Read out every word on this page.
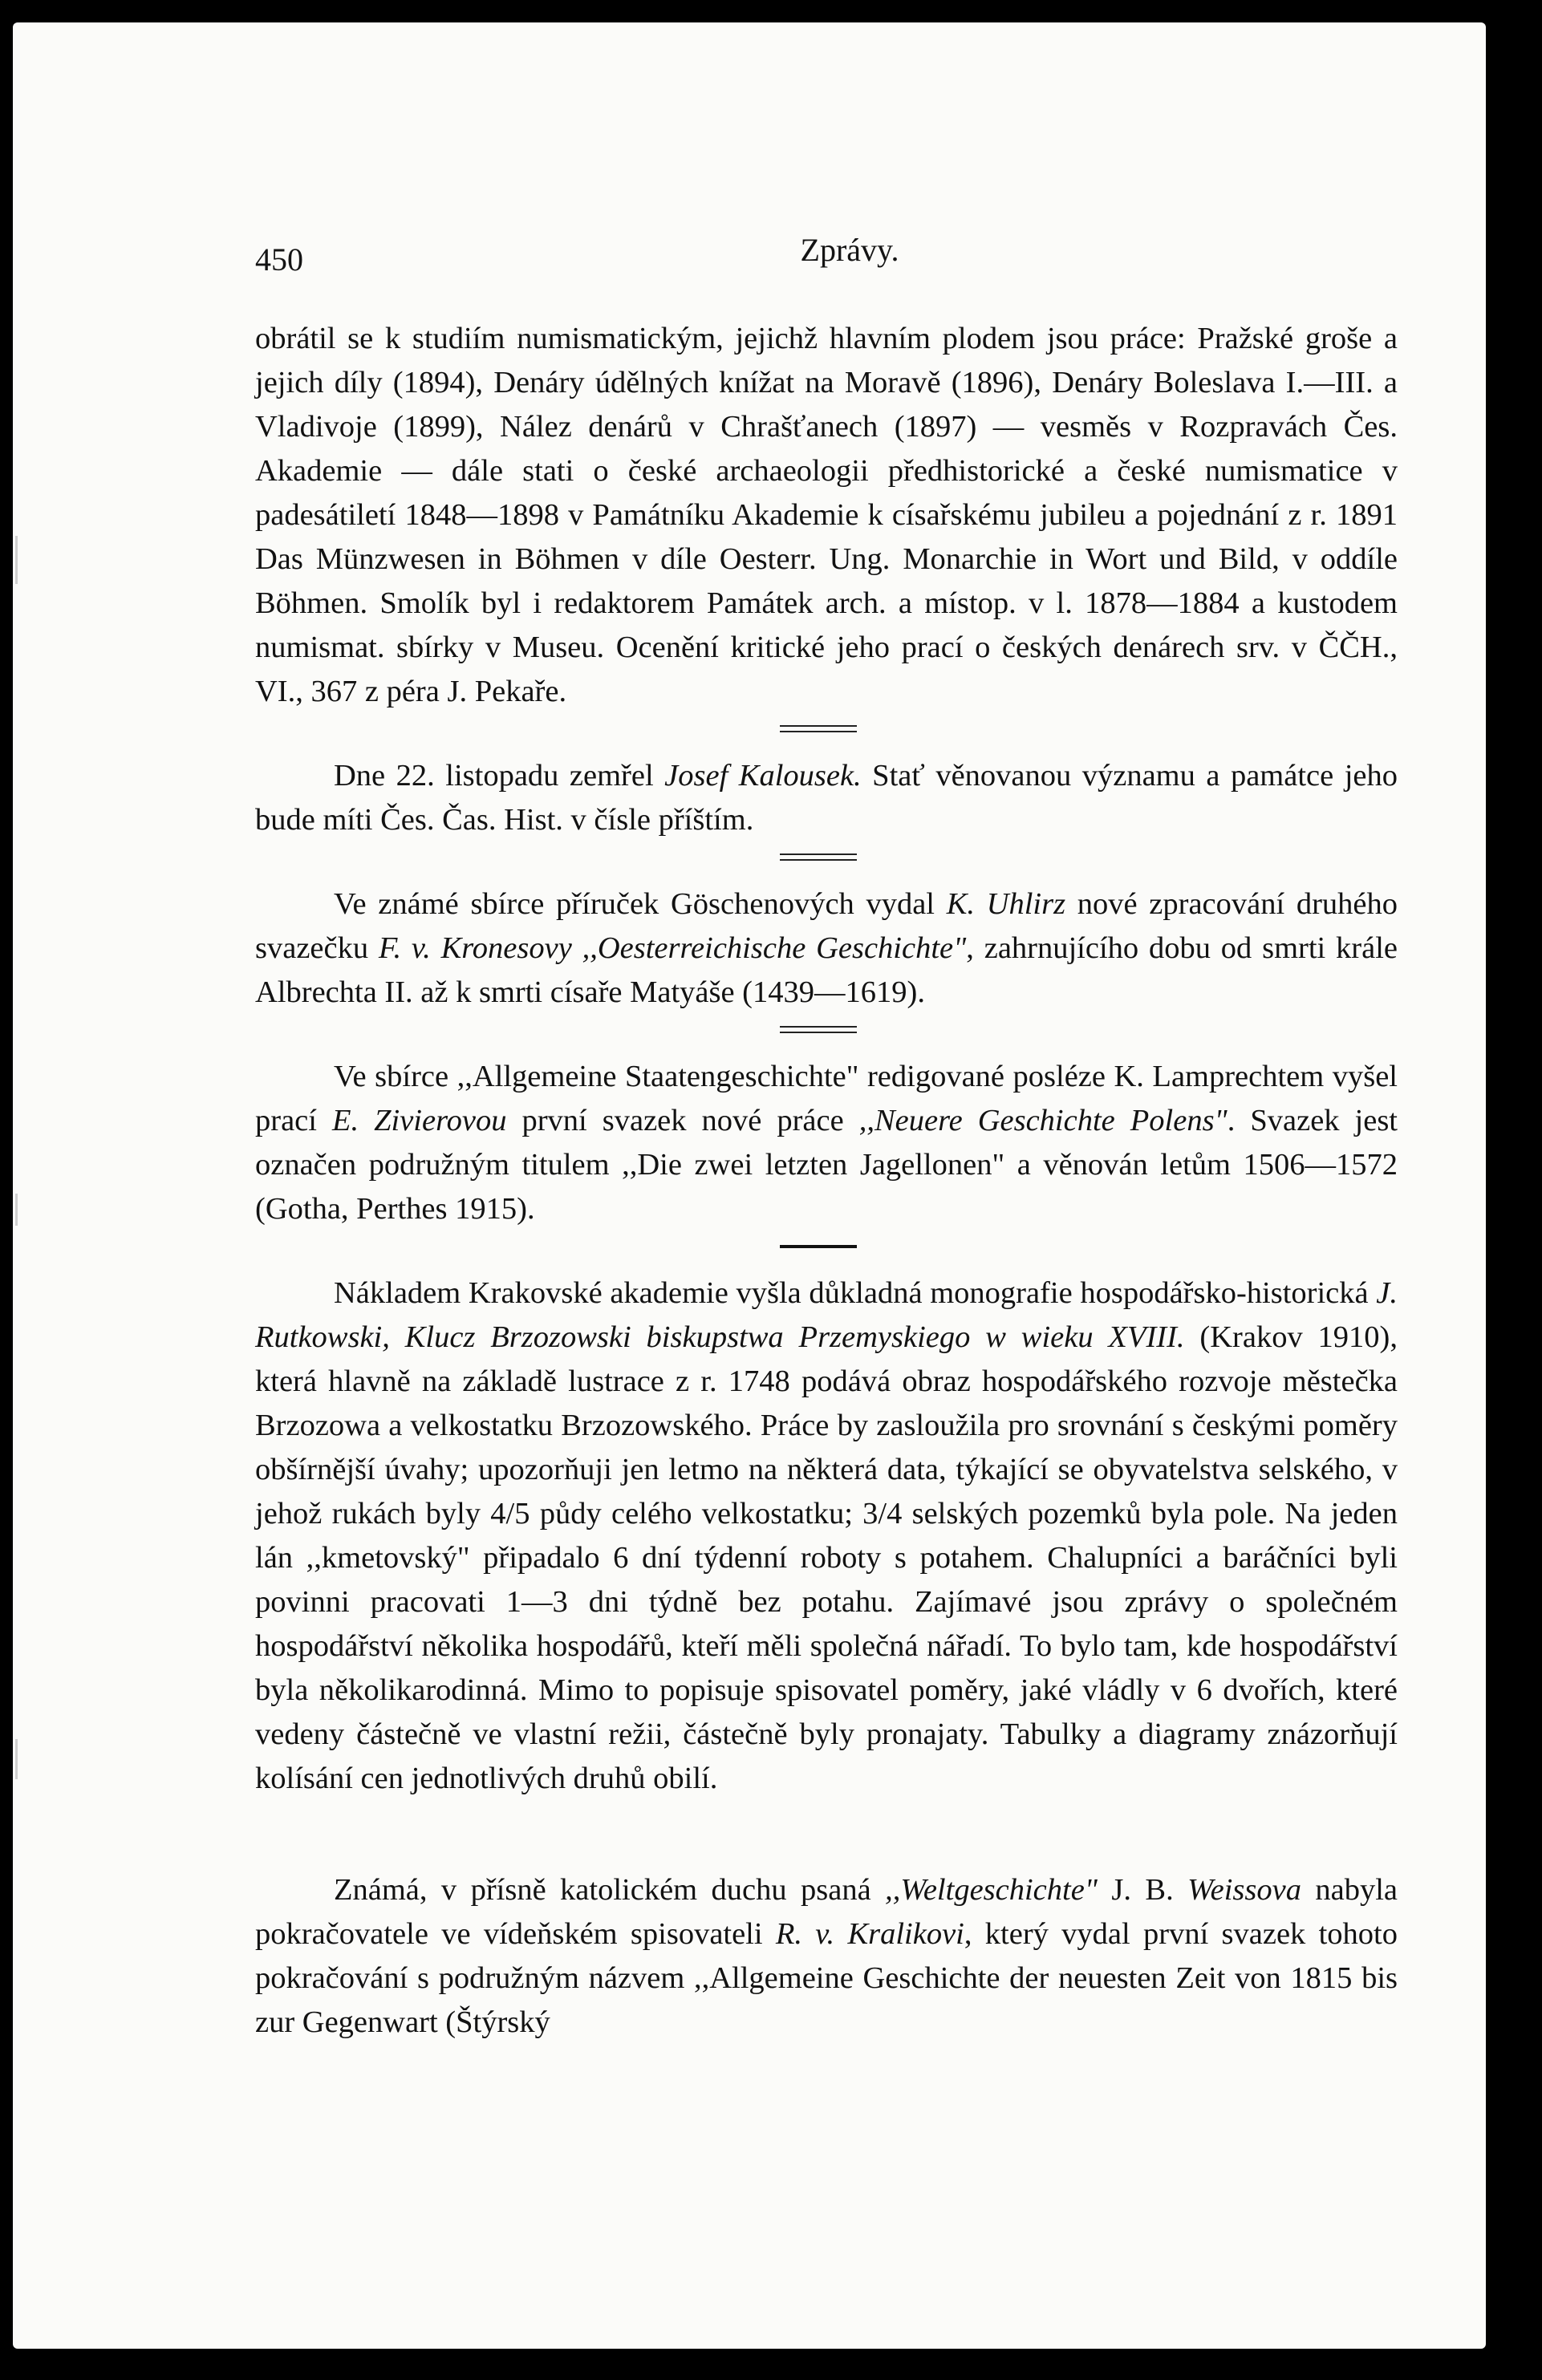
450	Zprávy.

obrátil se k studiím numismatickým, jejichž hlavním plodem jsou práce: Pražské groše a jejich díly (1894), Denáry údělných knížat na Moravě (1896), Denáry Boleslava I.—III. a Vladivoje (1899), Nález denárů v Chrašťanech (1897) — vesměs v Rozpravách Čes. Akademie — dále stati o české archaeologii předhistorické a české numismatice v padesátiletí 1848—1898 v Památníku Akademie k císařskému jubileu a pojednání z r. 1891 Das Münzwesen in Böhmen v díle Oesterr. Ung. Monarchie in Wort und Bild, v oddíle Böhmen. Smolík byl i redaktorem Památek arch. a místop. v l. 1878—1884 a kustodem numismat. sbírky v Museu. Ocenění kritické jeho prací o českých denárech srv. v ČČH., VI., 367 z péra J. Pekaře.

Dne 22. listopadu zemřel Josef Kalousek. Stať věnovanou významu a památce jeho bude míti Čes. Čas. Hist. v čísle příštím.

Ve známé sbírce příruček Göschenových vydal K. Uhlirz nové zpracování druhého svazečku F. v. Kronesovy ,,Oesterreichische Geschichte", zahrnujícího dobu od smrti krále Albrechta II. až k smrti císaře Matyáše (1439—1619).

Ve sbírce ,,Allgemeine Staatengeschichte" redigované posléze K. Lamprechtem vyšel prací E. Zivierovou první svazek nové práce ,,Neuere Geschichte Polens". Svazek jest označen podružným titulem ,,Die zwei letzten Jagellonen" a věnován letům 1506—1572 (Gotha, Perthes 1915).

Nákladem Krakovské akademie vyšla důkladná monografie hospodářsko-historická J. Rutkowski, Klucz Brzozowski biskupstwa Przemyskiego w wieku XVIII. (Krakov 1910), která hlavně na základě lustrace z r. 1748 podává obraz hospodářského rozvoje městečka Brzozowa a velkostatku Brzozowského. Práce by zasloužila pro srovnání s českými poměry obšírnější úvahy; upozorňuji jen letmo na některá data, týkající se obyvatelstva selského, v jehož rukách byly 4/5 půdy celého velkostatku; 3/4 selských pozemků byla pole. Na jeden lán ,,kmetovský" připadalo 6 dní týdenní roboty s potahem. Chalupníci a baráčníci byli povinni pracovati 1—3 dni týdně bez potahu. Zajímavé jsou zprávy o společném hospodářství několika hospodářů, kteří měli společná nářadí. To bylo tam, kde hospodářství byla několikarodinná. Mimo to popisuje spisovatel poměry, jaké vládly v 6 dvořích, které vedeny částečně ve vlastní režii, částečně byly pronajaty. Tabulky a diagramy znázorňují kolísání cen jednotlivých druhů obilí.

Známá, v přísně katolickém duchu psaná ,,Weltgeschichte" J. B. Weissova nabyla pokračovatele ve vídeňském spisovateli R. v. Kralikovi, který vydal první svazek tohoto pokračování s podružným názvem ,,Allgemeine Geschichte der neuesten Zeit von 1815 bis zur Gegenwart (Štýrský
